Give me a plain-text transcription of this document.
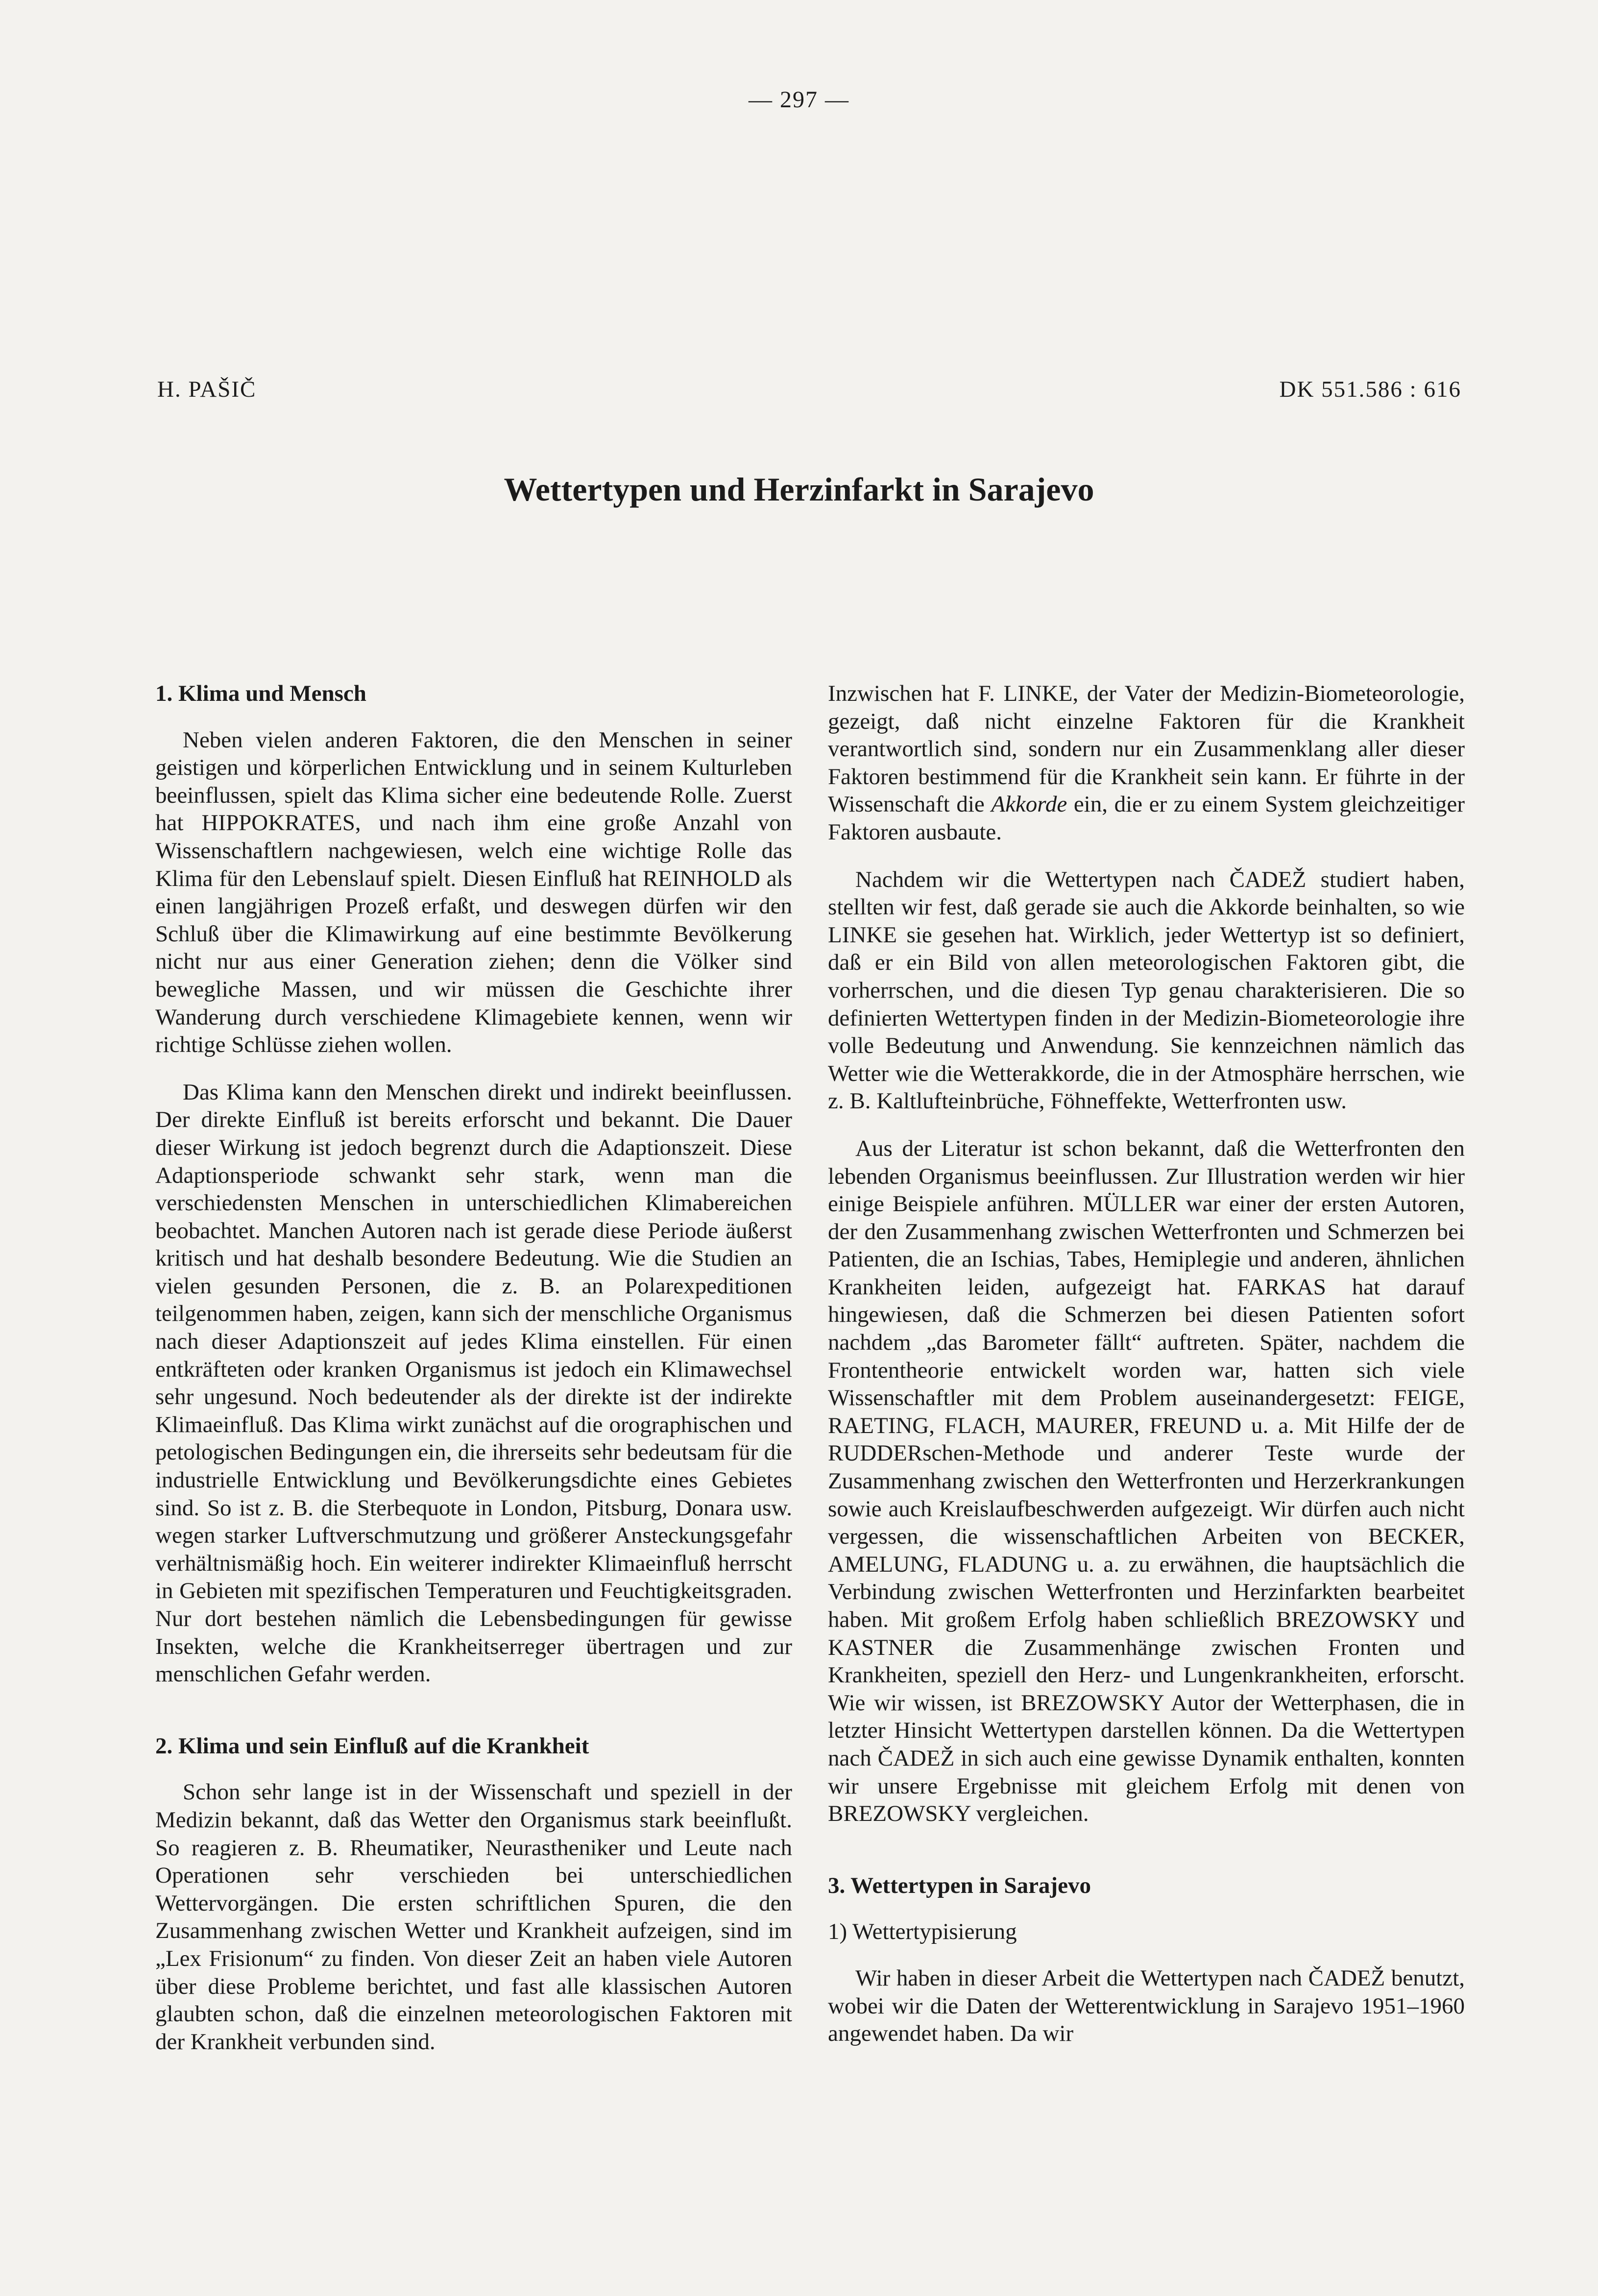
— 297 —
H. PAŠIČ	DK 551.586 : 616
Wettertypen und Herzinfarkt in Sarajevo
1. Klima und Mensch

Neben vielen anderen Faktoren, die den Menschen in seiner geistigen und körperlichen Entwicklung und in seinem Kulturleben beeinflussen, spielt das Klima sicher eine bedeutende Rolle. Zuerst hat HIPPOKRATES, und nach ihm eine große Anzahl von Wissenschaftlern nachgewiesen, welch eine wichtige Rolle das Klima für den Lebenslauf spielt. Diesen Einfluß hat REINHOLD als einen langjährigen Prozeß erfaßt, und deswegen dürfen wir den Schluß über die Klimawirkung auf eine bestimmte Bevölkerung nicht nur aus einer Generation ziehen; denn die Völker sind bewegliche Massen, und wir müssen die Geschichte ihrer Wanderung durch verschiedene Klimagebiete kennen, wenn wir richtige Schlüsse ziehen wollen.

Das Klima kann den Menschen direkt und indirekt beeinflussen. Der direkte Einfluß ist bereits erforscht und bekannt. Die Dauer dieser Wirkung ist jedoch begrenzt durch die Adaptionszeit. Diese Adaptionsperiode schwankt sehr stark, wenn man die verschiedensten Menschen in unterschiedlichen Klimabereichen beobachtet. Manchen Autoren nach ist gerade diese Periode äußerst kritisch und hat deshalb besondere Bedeutung. Wie die Studien an vielen gesunden Personen, die z. B. an Polarexpeditionen teilgenommen haben, zeigen, kann sich der menschliche Organismus nach dieser Adaptionszeit auf jedes Klima einstellen. Für einen entkräfteten oder kranken Organismus ist jedoch ein Klimawechsel sehr ungesund. Noch bedeutender als der direkte ist der indirekte Klimaeinfluß. Das Klima wirkt zunächst auf die orographischen und petologischen Bedingungen ein, die ihrerseits sehr bedeutsam für die industrielle Entwicklung und Bevölkerungsdichte eines Gebietes sind. So ist z. B. die Sterbequote in London, Pitsburg, Donara usw. wegen starker Luftverschmutzung und größerer Ansteckungsgefahr verhältnismäßig hoch. Ein weiterer indirekter Klimaeinfluß herrscht in Gebieten mit spezifischen Temperaturen und Feuchtigkeitsgraden. Nur dort bestehen nämlich die Lebensbedingungen für gewisse Insekten, welche die Krankheitserreger übertragen und zur menschlichen Gefahr werden.

2. Klima und sein Einfluß auf die Krankheit

Schon sehr lange ist in der Wissenschaft und speziell in der Medizin bekannt, daß das Wetter den Organismus stark beeinflußt. So reagieren z. B. Rheumatiker, Neurastheniker und Leute nach Operationen sehr verschieden bei unterschiedlichen Wettervorgängen. Die ersten schriftlichen Spuren, die den Zusammenhang zwischen Wetter und Krankheit aufzeigen, sind im „Lex Frisionum“ zu finden. Von dieser Zeit an haben viele Autoren über diese Probleme berichtet, und fast alle klassischen Autoren glaubten schon, daß die einzelnen meteorologischen Faktoren mit der Krankheit verbunden sind.

Inzwischen hat F. LINKE, der Vater der Medizin-Biometeorologie, gezeigt, daß nicht einzelne Faktoren für die Krankheit verantwortlich sind, sondern nur ein Zusammenklang aller dieser Faktoren bestimmend für die Krankheit sein kann. Er führte in der Wissenschaft die Akkorde ein, die er zu einem System gleichzeitiger Faktoren ausbaute.

Nachdem wir die Wettertypen nach ČADEŽ studiert haben, stellten wir fest, daß gerade sie auch die Akkorde beinhalten, so wie LINKE sie gesehen hat. Wirklich, jeder Wettertyp ist so definiert, daß er ein Bild von allen meteorologischen Faktoren gibt, die vorherrschen, und die diesen Typ genau charakterisieren. Die so definierten Wettertypen finden in der Medizin-Biometeorologie ihre volle Bedeutung und Anwendung. Sie kennzeichnen nämlich das Wetter wie die Wetterakkorde, die in der Atmosphäre herrschen, wie z. B. Kaltlufteinbrüche, Föhneffekte, Wetterfronten usw.

Aus der Literatur ist schon bekannt, daß die Wetterfronten den lebenden Organismus beeinflussen. Zur Illustration werden wir hier einige Beispiele anführen. MÜLLER war einer der ersten Autoren, der den Zusammenhang zwischen Wetterfronten und Schmerzen bei Patienten, die an Ischias, Tabes, Hemiplegie und anderen, ähnlichen Krankheiten leiden, aufgezeigt hat. FARKAS hat darauf hingewiesen, daß die Schmerzen bei diesen Patienten sofort nachdem „das Barometer fällt“ auftreten. Später, nachdem die Frontentheorie entwickelt worden war, hatten sich viele Wissenschaftler mit dem Problem auseinandergesetzt: FEIGE, RAETING, FLACH, MAURER, FREUND u. a. Mit Hilfe der de RUDDERschen-Methode und anderer Teste wurde der Zusammenhang zwischen den Wetterfronten und Herzerkrankungen sowie auch Kreislaufbeschwerden aufgezeigt. Wir dürfen auch nicht vergessen, die wissenschaftlichen Arbeiten von BECKER, AMELUNG, FLADUNG u. a. zu erwähnen, die hauptsächlich die Verbindung zwischen Wetterfronten und Herzinfarkten bearbeitet haben. Mit großem Erfolg haben schließlich BREZOWSKY und KASTNER die Zusammenhänge zwischen Fronten und Krankheiten, speziell den Herz- und Lungenkrankheiten, erforscht. Wie wir wissen, ist BREZOWSKY Autor der Wetterphasen, die in letzter Hinsicht Wettertypen darstellen können. Da die Wettertypen nach ČADEŽ in sich auch eine gewisse Dynamik enthalten, konnten wir unsere Ergebnisse mit gleichem Erfolg mit denen von BREZOWSKY vergleichen.

3. Wettertypen in Sarajevo
1) Wettertypisierung

Wir haben in dieser Arbeit die Wettertypen nach ČADEŽ benutzt, wobei wir die Daten der Wetterentwicklung in Sarajevo 1951–1960 angewendet haben. Da wir
